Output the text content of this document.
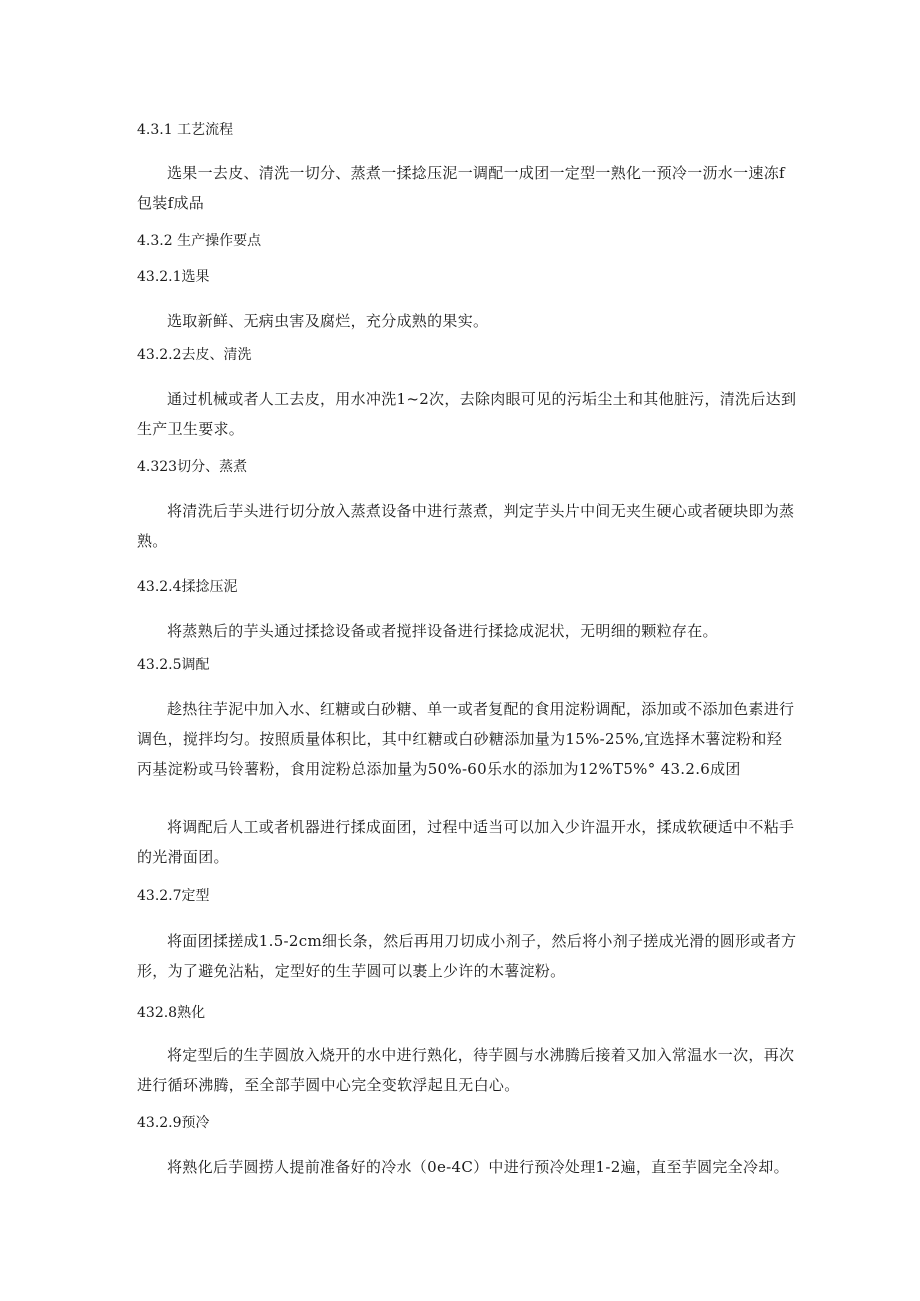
4.3.1 工艺流程
选果一去皮、清洗一切分、蒸煮一揉捻压泥一调配一成团一定型一熟化一预冷一沥水一速冻f包装f成品
4.3.2 生产操作要点
43.2.1选果
选取新鲜、无病虫害及腐烂，充分成熟的果实。
43.2.2去皮、清洗
通过机械或者人工去皮，用水冲洗1~2次，去除肉眼可见的污垢尘土和其他脏污，清洗后达到生产卫生要求。
4.323切分、蒸煮
将清洗后芋头进行切分放入蒸煮设备中进行蒸煮，判定芋头片中间无夹生硬心或者硬块即为蒸熟。
43.2.4揉捻压泥
将蒸熟后的芋头通过揉捻设备或者搅拌设备进行揉捻成泥状，无明细的颗粒存在。
43.2.5调配
趁热往芋泥中加入水、红糖或白砂糖、单一或者复配的食用淀粉调配，添加或不添加色素进行调色，搅拌均匀。按照质量体积比，其中红糖或白砂糖添加量为15%-25%,宜选择木薯淀粉和羟丙基淀粉或马铃薯粉，食用淀粉总添加量为50%-60乐水的添加为12%T5%° 43.2.6成团
将调配后人工或者机器进行揉成面团，过程中适当可以加入少许温开水，揉成软硬适中不粘手的光滑面团。
43.2.7定型
将面团揉搓成1.5-2cm细长条，然后再用刀切成小剂子，然后将小剂子搓成光滑的圆形或者方形，为了避免沾粘，定型好的生芋圆可以裹上少许的木薯淀粉。
432.8熟化
将定型后的生芋圆放入烧开的水中进行熟化，待芋圆与水沸腾后接着又加入常温水一次，再次进行循环沸腾，至全部芋圆中心完全变软浮起且无白心。
43.2.9预冷
将熟化后芋圆捞人提前准备好的冷水（0e-4C）中进行预冷处理1-2遍，直至芋圆完全冷却。
